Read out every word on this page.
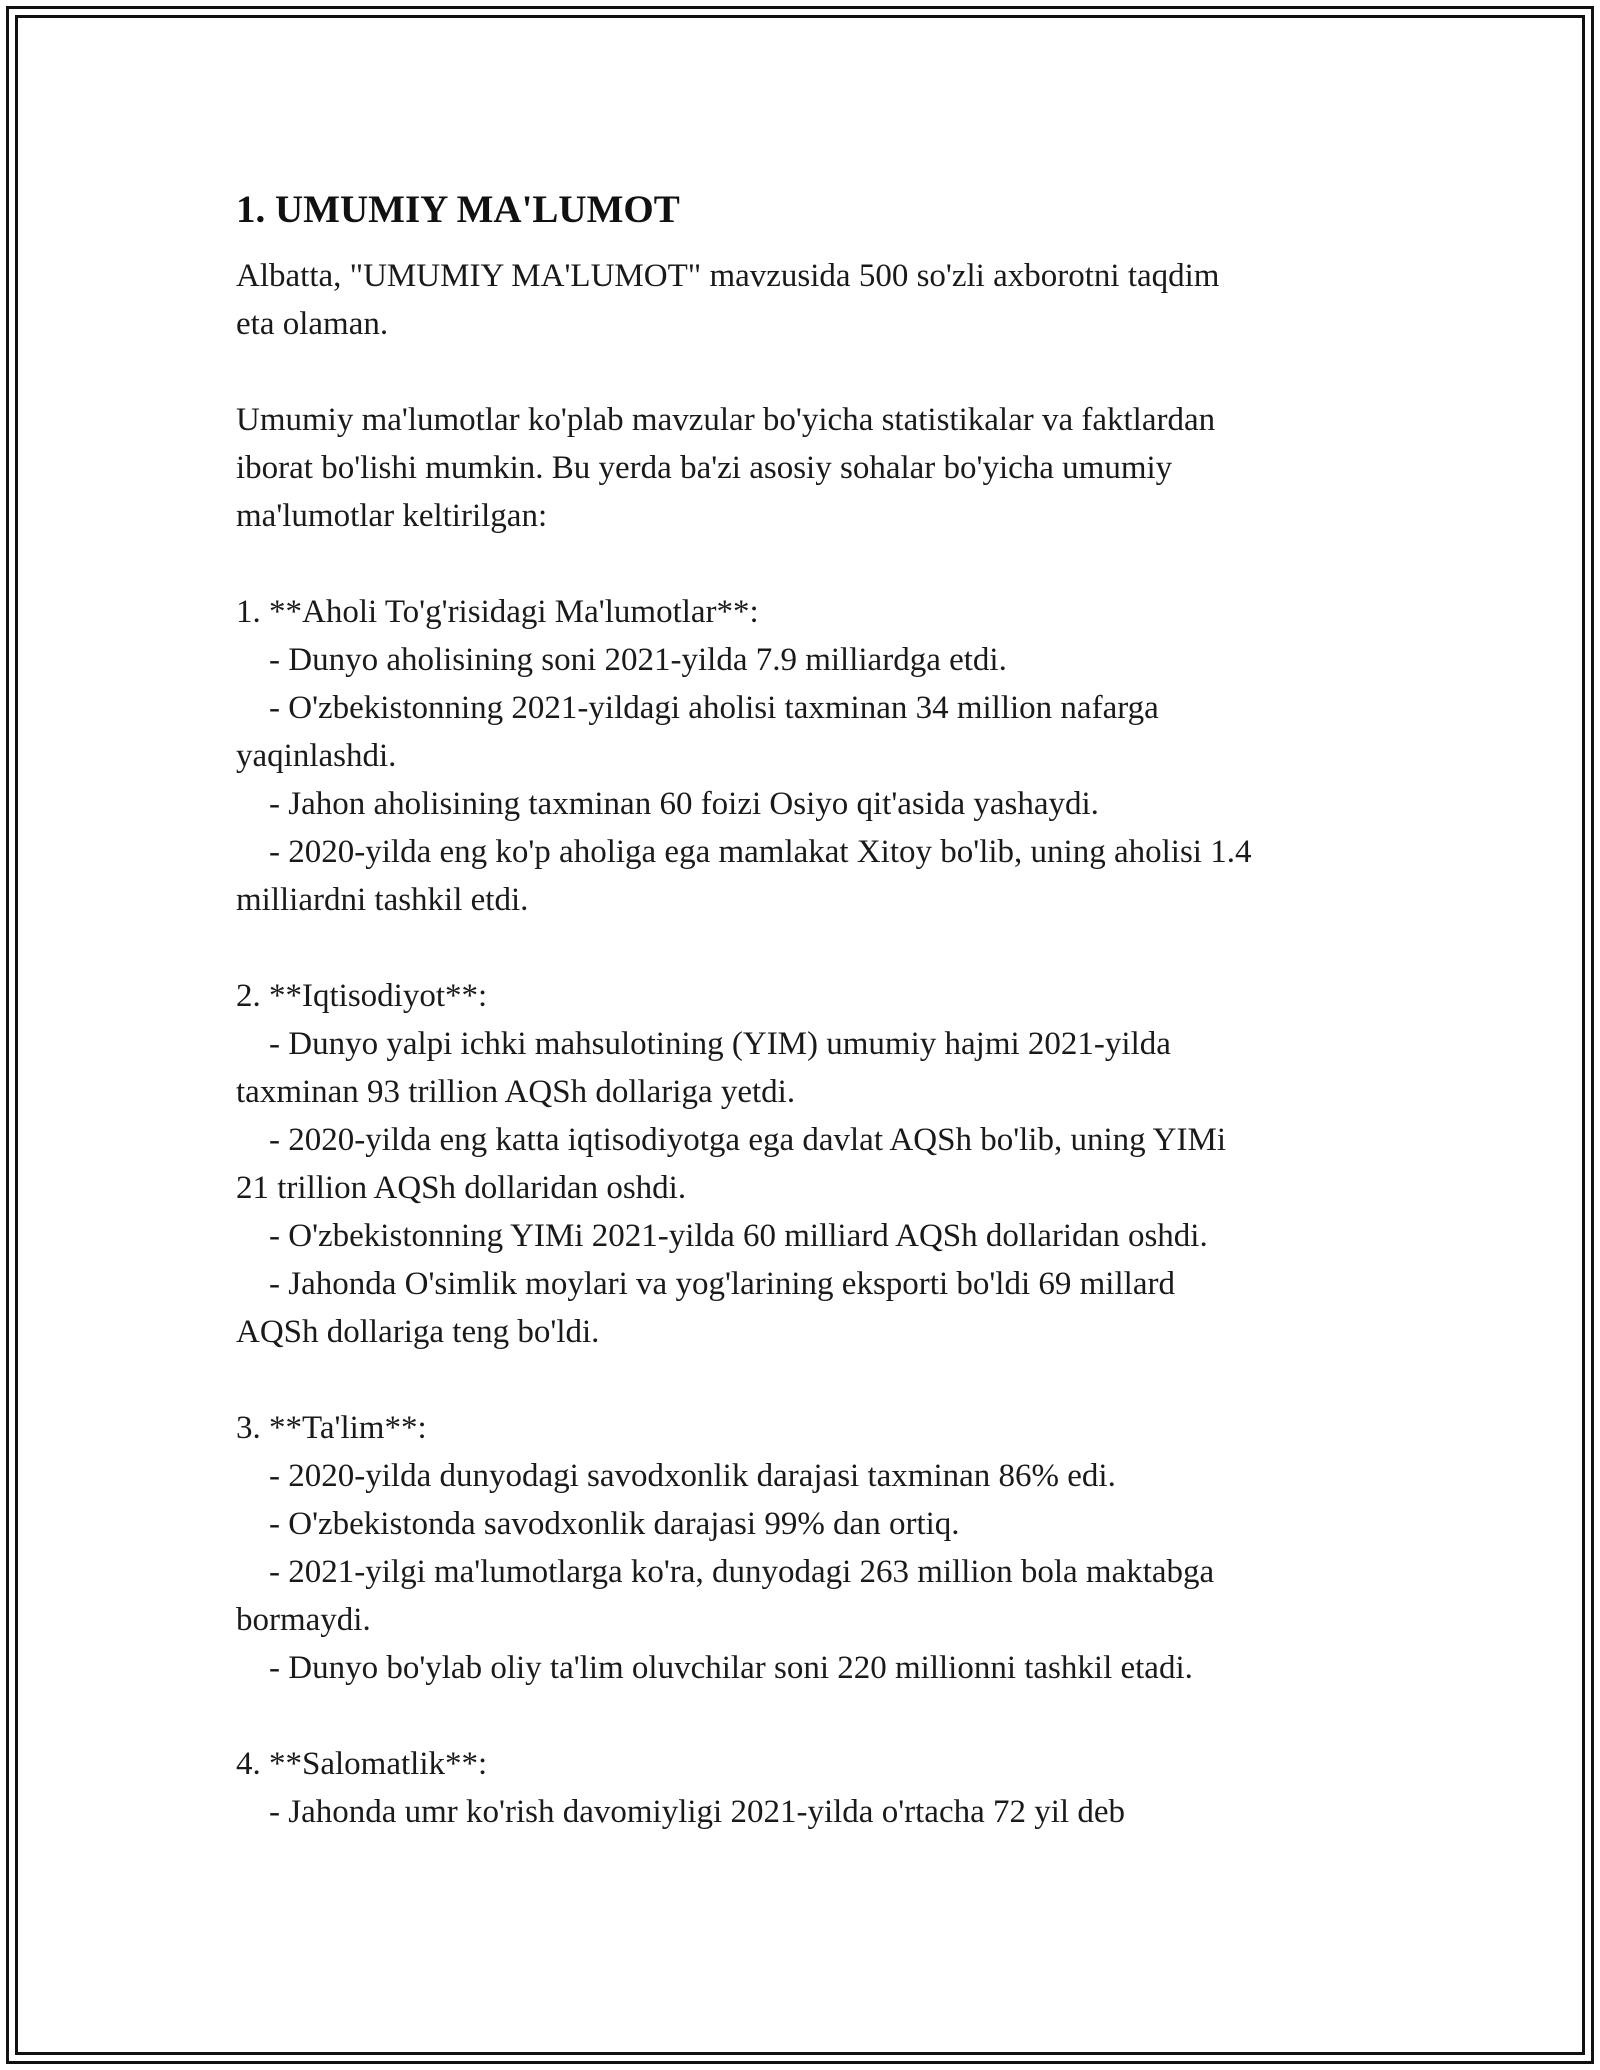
1. UMUMIY MA'LUMOT

Albatta, "UMUMIY MA'LUMOT" mavzusida 500 so'zli axborotni taqdim
eta olaman.

Umumiy ma'lumotlar ko'plab mavzular bo'yicha statistikalar va faktlardan
iborat bo'lishi mumkin. Bu yerda ba'zi asosiy sohalar bo'yicha umumiy
ma'lumotlar keltirilgan:

1. **Aholi To'g'risidagi Ma'lumotlar**:
- Dunyo aholisining soni 2021-yilda 7.9 milliardga etdi.
- O'zbekistonning 2021-yildagi aholisi taxminan 34 million nafarga
yaqinlashdi.
- Jahon aholisining taxminan 60 foizi Osiyo qit'asida yashaydi.
- 2020-yilda eng ko'p aholiga ega mamlakat Xitoy bo'lib, uning aholisi 1.4
milliardni tashkil etdi.

2. **Iqtisodiyot**:
- Dunyo yalpi ichki mahsulotining (YIM) umumiy hajmi 2021-yilda
taxminan 93 trillion AQSh dollariga yetdi.
- 2020-yilda eng katta iqtisodiyotga ega davlat AQSh bo'lib, uning YIMi
21 trillion AQSh dollaridan oshdi.
- O'zbekistonning YIMi 2021-yilda 60 milliard AQSh dollaridan oshdi.
- Jahonda O'simlik moylari va yog'larining eksporti bo'ldi 69 millard
AQSh dollariga teng bo'ldi.

3. **Ta'lim**:
- 2020-yilda dunyodagi savodxonlik darajasi taxminan 86% edi.
- O'zbekistonda savodxonlik darajasi 99% dan ortiq.
- 2021-yilgi ma'lumotlarga ko'ra, dunyodagi 263 million bola maktabga
bormaydi.
- Dunyo bo'ylab oliy ta'lim oluvchilar soni 220 millionni tashkil etadi.

4. **Salomatlik**:
- Jahonda umr ko'rish davomiyligi 2021-yilda o'rtacha 72 yil deb
